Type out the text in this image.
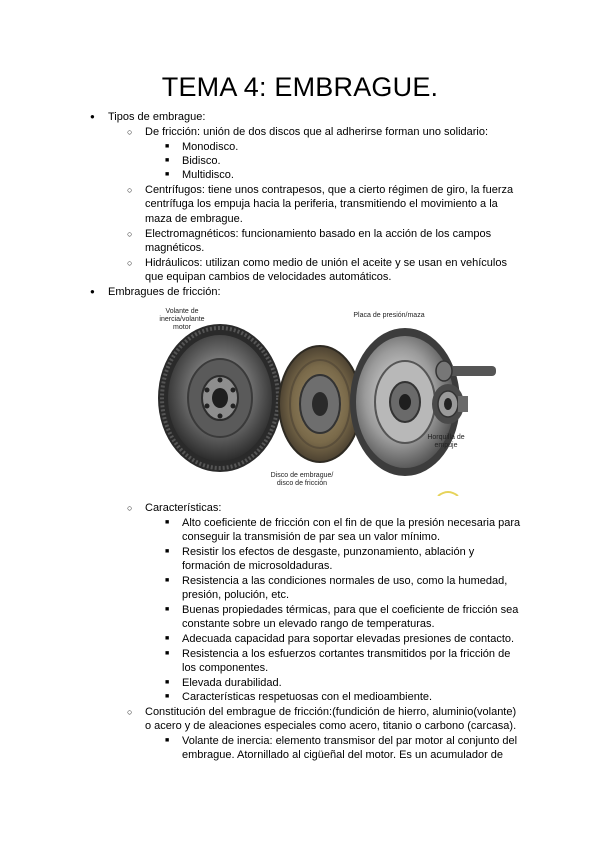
TEMA 4: EMBRAGUE.
● Tipos de embrague:
○ De fricción: unión de dos discos que al adherirse forman uno solidario:
■ Monodisco.
■ Bidisco.
■ Multidisco.
○ Centrífugos: tiene unos contrapesos, que a cierto régimen de giro, la fuerza
centrífuga los empuja hacia la periferia, transmitiendo el movimiento a la
maza de embrague.
○ Electromagnéticos: funcionamiento basado en la acción de los campos
magnéticos.
○ Hidráulicos: utilizan como medio de unión el aceite y se usan en vehículos
que equipan cambios de velocidades automáticos.
● Embragues de fricción:
Volante de
inercia/volante motor
Placa de presión/maza
Disco de embrague/
disco de fricción
Horquilla de
empuje
○ Características:
■ Alto coeficiente de fricción con el fin de que la presión necesaria para
conseguir la transmisión de par sea un valor mínimo.
■ Resistir los efectos de desgaste, punzonamiento, ablación y
formación de microsoldaduras.
■ Resistencia a las condiciones normales de uso, como la humedad,
presión, polución, etc.
■ Buenas propiedades térmicas, para que el coeficiente de fricción sea
constante sobre un elevado rango de temperaturas.
■ Adecuada capacidad para soportar elevadas presiones de contacto.
■ Resistencia a los esfuerzos cortantes transmitidos por la fricción de
los componentes.
■ Elevada durabilidad.
■ Características respetuosas con el medioambiente.
○ Constitución del embrague de fricción:(fundición de hierro, aluminio(volante)
o acero y de aleaciones especiales como acero, titanio o carbono (carcasa).
■ Volante de inercia: elemento transmisor del par motor al conjunto del
embrague. Atornillado al cigüeñal del motor. Es un acumulador de
